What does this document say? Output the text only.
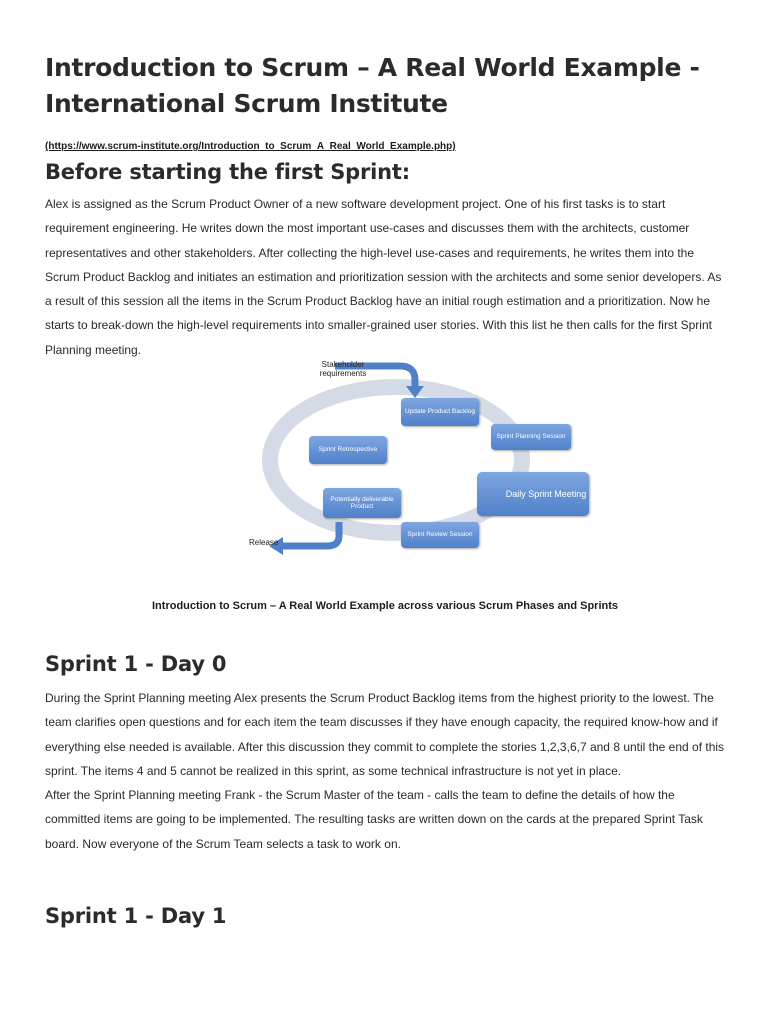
Introduction to Scrum – A Real World Example - International Scrum Institute
(https://www.scrum-institute.org/Introduction_to_Scrum_A_Real_World_Example.php)
Before starting the first Sprint:

Alex is assigned as the Scrum Product Owner of a new software development project. One of his first tasks is to start requirement engineering. He writes down the most important use-cases and discusses them with the architects, customer representatives and other stakeholders. After collecting the high-level use-cases and requirements, he writes them into the Scrum Product Backlog and initiates an estimation and prioritization session with the architects and some senior developers. As a result of this session all the items in the Scrum Product Backlog have an initial rough estimation and a prioritization. Now he starts to break-down the high-level requirements into smaller-grained user stories. With this list he then calls for the first Sprint Planning meeting.

Stakeholder requirements
Update Product Backlog
Sprint Planning Session
Daily Sprint Meeting
Sprint Review Session
Potentially deliverable Product
Sprint Retrospective
Release
Introduction to Scrum – A Real World Example across various Scrum Phases and Sprints
Sprint 1 - Day 0

During the Sprint Planning meeting Alex presents the Scrum Product Backlog items from the highest priority to the lowest. The team clarifies open questions and for each item the team discusses if they have enough capacity, the required know-how and if everything else needed is available. After this discussion they commit to complete the stories 1,2,3,6,7 and 8 until the end of this sprint. The items 4 and 5 cannot be realized in this sprint, as some technical infrastructure is not yet in place.

After the Sprint Planning meeting Frank - the Scrum Master of the team - calls the team to define the details of how the committed items are going to be implemented. The resulting tasks are written down on the cards at the prepared Sprint Task board. Now everyone of the Scrum Team selects a task to work on.

Sprint 1 - Day 1
